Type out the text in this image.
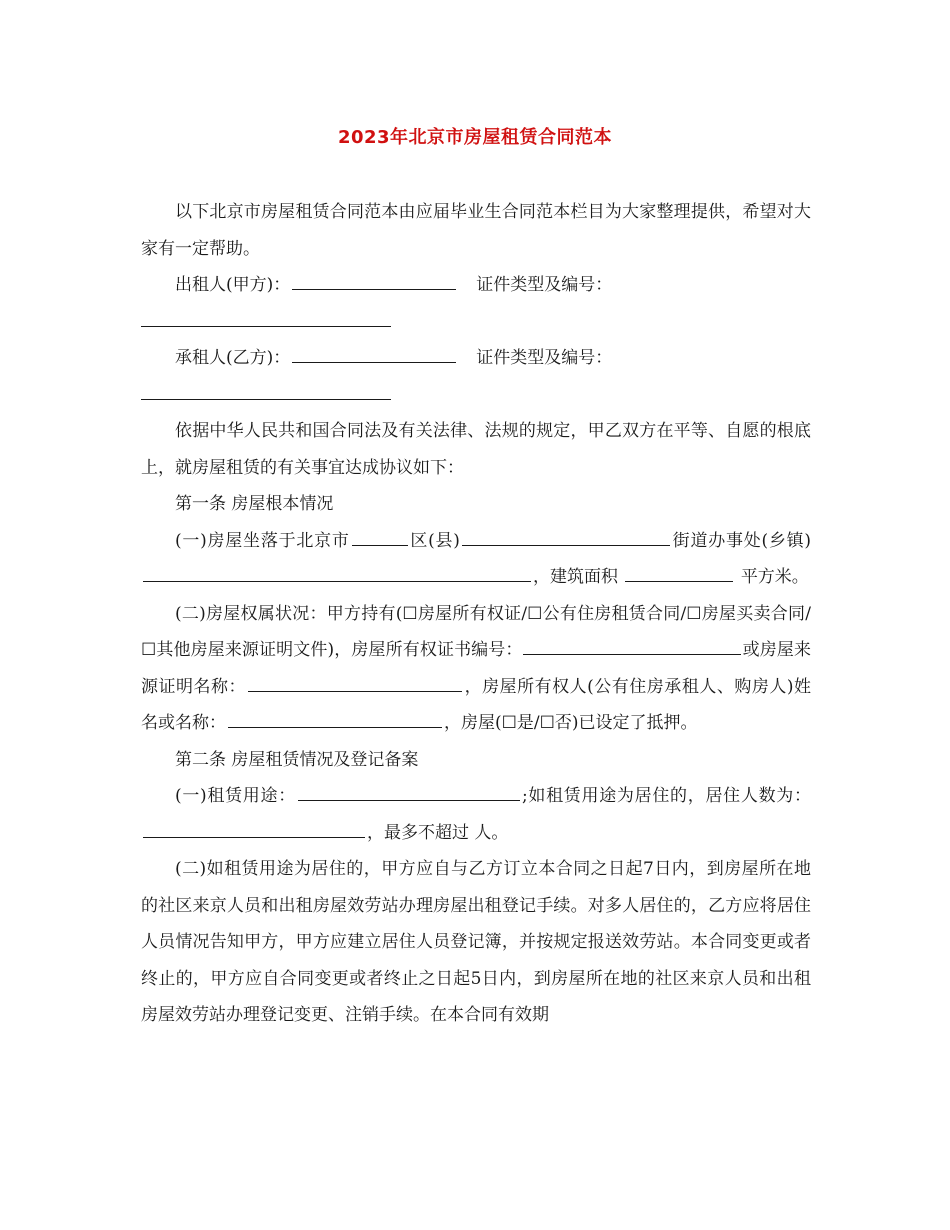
2023年北京市房屋租赁合同范本

以下北京市房屋租赁合同范本由应届毕业生合同范本栏目为大家整理提供，希望对大家有一定帮助。

出租人(甲方)：	证件类型及编号：

承租人(乙方)：	证件类型及编号：

依据中华人民共和国合同法及有关法律、法规的规定，甲乙双方在平等、自愿的根底上，就房屋租赁的有关事宜达成协议如下：

第一条 房屋根本情况

(一)房屋坐落于北京市	区(县)	街道办事处(乡镇)，建筑面积	平方米。

(二)房屋权属状况：甲方持有(☐房屋所有权证/☐公有住房租赁合同/☐房屋买卖合同/☐其他房屋来源证明文件)，房屋所有权证书编号：	或房屋来源证明名称：	，房屋所有权人(公有住房承租人、购房人)姓名或名称：	，房屋(☐是/☐否)已设定了抵押。

第二条 房屋租赁情况及登记备案

(一)租赁用途：	;如租赁用途为居住的，居住人数为：，最多不超过 人。

(二)如租赁用途为居住的，甲方应自与乙方订立本合同之日起7日内，到房屋所在地的社区来京人员和出租房屋效劳站办理房屋出租登记手续。对多人居住的，乙方应将居住人员情况告知甲方，甲方应建立居住人员登记簿，并按规定报送效劳站。本合同变更或者终止的，甲方应自合同变更或者终止之日起5日内，到房屋所在地的社区来京人员和出租房屋效劳站办理登记变更、注销手续。在本合同有效期
